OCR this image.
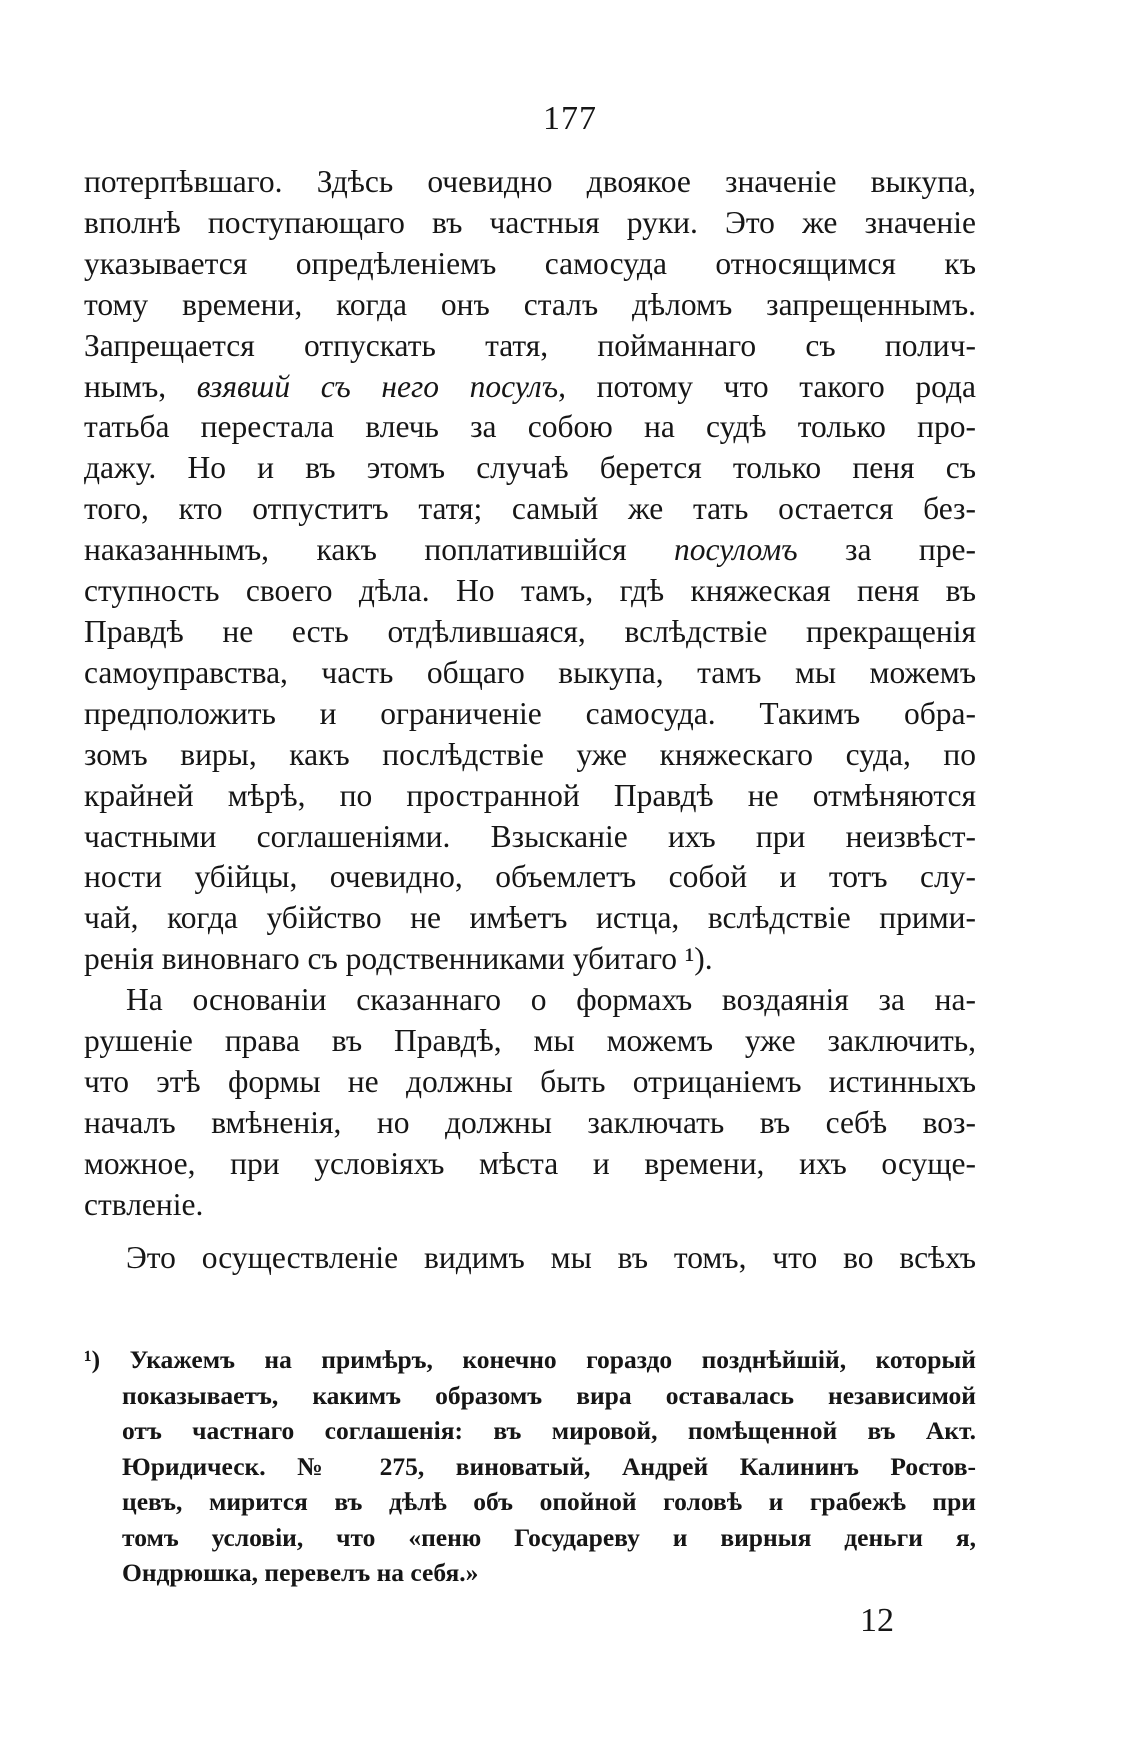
177
потерпѣвшаго. Здѣсь очевидно двоякое значеніе выкупа,
вполнѣ поступающаго въ частныя руки. Это же значеніе
указывается опредѣленіемъ самосуда относящимся къ
тому времени, когда онъ сталъ дѣломъ запрещеннымъ.
Запрещается отпускать татя, пойманнаго съ полич-
нымъ, взявшй съ него посулъ, потому что такого рода
татьба перестала влечь за собою на судѣ только про-
дажу. Но и въ этомъ случаѣ берется только пеня съ
того, кто отпуститъ татя; самый же тать остается без-
наказаннымъ, какъ поплатившійся посуломъ за пре-
ступность своего дѣла. Но тамъ, гдѣ княжеская пеня въ
Правдѣ не есть отдѣлившаяся, вслѣдствіе прекращенія
самоуправства, часть общаго выкупа, тамъ мы можемъ
предположить и ограниченіе самосуда. Такимъ обра-
зомъ виры, какъ послѣдствіе уже княжескаго суда, по
крайней мѣрѣ, по пространной Правдѣ не отмѣняются
частными соглашеніями. Взысканіе ихъ при неизвѣст-
ности убійцы, очевидно, объемлетъ собой и тотъ слу-
чай, когда убійство не имѣетъ истца, вслѣдствіе прими-
ренія виновнаго съ родственниками убитаго ¹).
На основаніи сказаннаго о формахъ воздаянія за на-
рушеніе права въ Правдѣ, мы можемъ уже заключить,
что этѣ формы не должны быть отрицаніемъ истинныхъ
началъ вмѣненія, но должны заключать въ себѣ воз-
можное, при условіяхъ мѣста и времени, ихъ осуще-
ствленіе.
Это осуществленіе видимъ мы въ томъ, что во всѣхъ
¹) Укажемъ на примѣръ, конечно гораздо позднѣйшій, который
показываетъ, какимъ образомъ вира оставалась независимой
отъ частнаго соглашенія: въ мировой, помѣщенной въ Акт.
Юридическ. № 275, виноватый, Андрей Калининъ Ростов-
цевъ, мирится въ дѣлѣ объ опойной головѣ и грабежѣ при
томъ условіи, что «пеню Государеву и вирныя деньги я,
Ондрюшка, перевелъ на себя.»
12
